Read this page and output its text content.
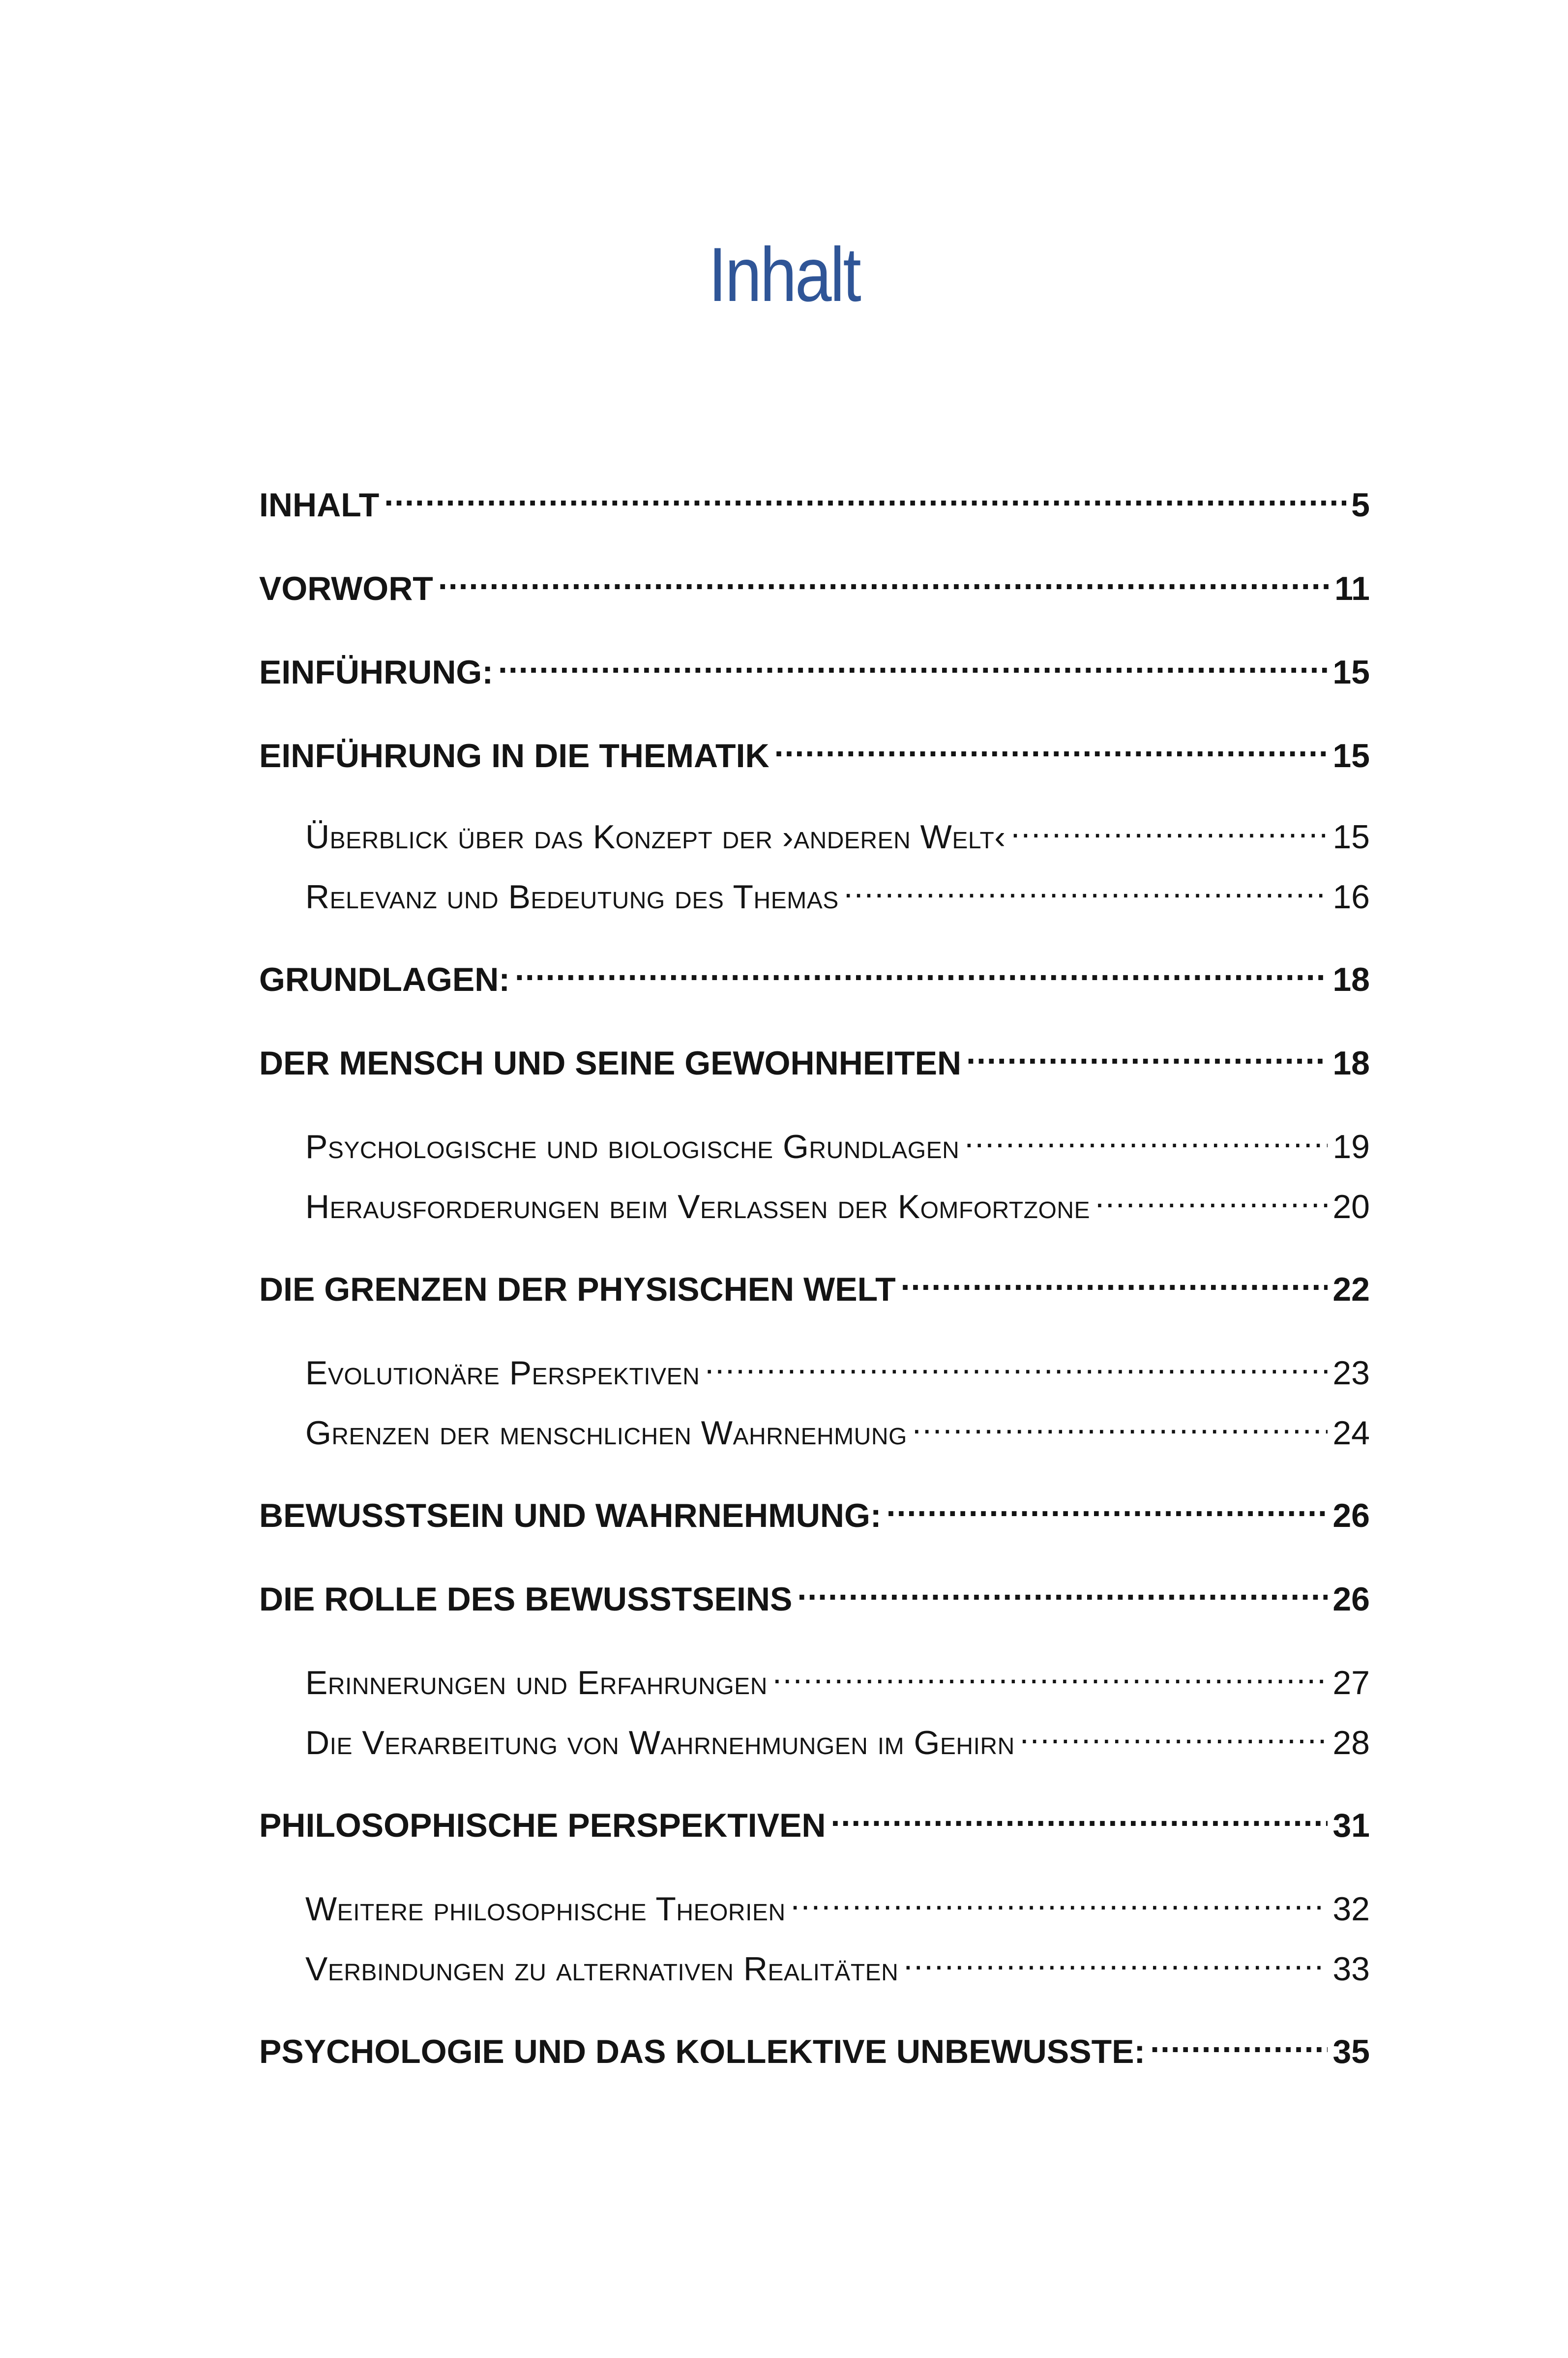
Inhalt
INHALT .....	5
VORWORT .....	11
EINFÜHRUNG: .....	15
EINFÜHRUNG IN DIE THEMATIK .....	15
Überblick über das Konzept der ›anderen Welt‹ .....	15
Relevanz und Bedeutung des Themas .....	16
GRUNDLAGEN: .....	18
DER MENSCH UND SEINE GEWOHNHEITEN .....	18
Psychologische und biologische Grundlagen .....	19
Herausforderungen beim Verlassen der Komfortzone .....	20
DIE GRENZEN DER PHYSISCHEN WELT .....	22
Evolutionäre Perspektiven .....	23
Grenzen der menschlichen Wahrnehmung .....	24
BEWUSSTSEIN UND WAHRNEHMUNG: .....	26
DIE ROLLE DES BEWUSSTSEINS .....	26
Erinnerungen und Erfahrungen .....	27
Die Verarbeitung von Wahrnehmungen im Gehirn .....	28
PHILOSOPHISCHE PERSPEKTIVEN .....	31
Weitere philosophische Theorien .....	32
Verbindungen zu alternativen Realitäten .....	33
PSYCHOLOGIE UND DAS KOLLEKTIVE UNBEWUSSTE: .....	35
